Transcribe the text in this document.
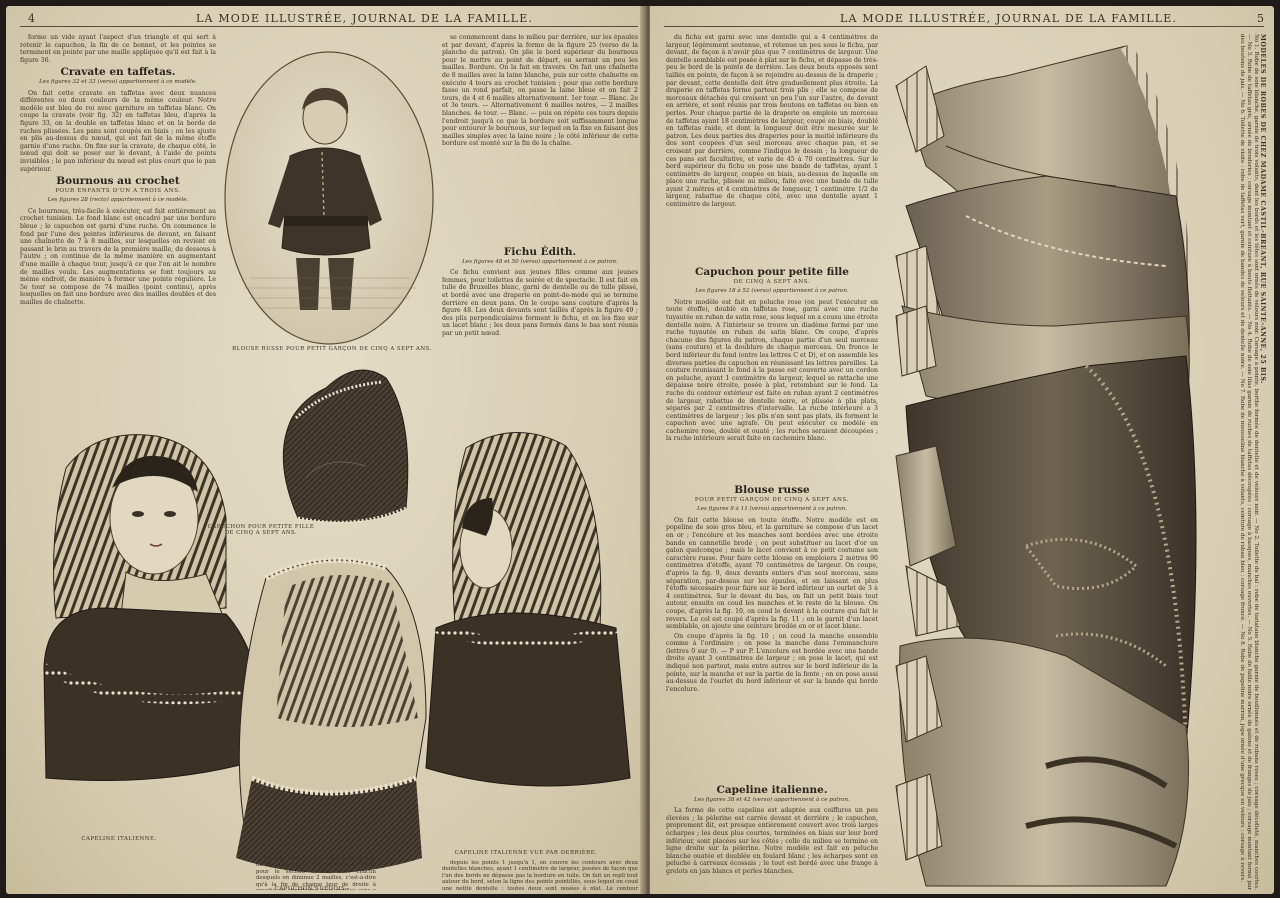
4	LA MODE ILLUSTRÉE, JOURNAL DE LA FAMILLE.

forme un vide ayant l'aspect d'un triangle et qui sert à retenir le capuchon, la fin de ce bonnet, et les pointes se terminent en pointe par une maille appliquée qu'il est fait à la figure 36.

Cravate en taffetas.
Les figures 32 et 33 (verso) appartiennent à ce modèle.

On fait cette cravate en taffetas avec deux nuances différentes ou deux couleurs de la même couleur. Notre modèle est bleu de roi avec garniture en taffetas blanc. On coupe la cravate (voir fig. 32) en taffetas bleu, d'après la figure 33, on la double en taffetas blanc et on la borde de ruches plissées. Les pans sont coupés en biais ; on les ajuste en plis au-dessus du nœud, qui est fait de la même étoffe garnie d'une ruche. On fixe sur la cravate, de chaque côté, le nœud qui doit se poser sur le devant, à l'aide de points invisibles ; le pan inférieur du nœud est plus court que le pan supérieur.

Bournous au crochet
POUR ENFANTS D'UN A TROIS ANS.
Les figures 28 (recto) appartiennent à ce modèle.

Ce bournous, très-facile à exécuter, est fait entièrement au crochet tunisien. Le fond blanc est encadré par une bordure bleue ; le capuchon est garni d'une ruche. On commence le fond par l'une des pointes inférieures de devant, en faisant une chaînette de 7 à 8 mailles, sur lesquelles on revient en passant le brin au travers de la première maille, du dessous à l'autre ; on continue de la même manière en augmentant d'une maille à chaque tour, jusqu'à ce que l'on ait le nombre de mailles voulu. Les augmentations se font toujours au même endroit, de manière à former une pointe régulière. Le 5e tour se compose de 74 mailles (point continu), après lesquelles on fait une bordure avec des mailles doubles et des mailles de chaînette.

BLOUSE RUSSE POUR PETIT GARÇON DE CINQ A SEPT ANS.

se commencent dans le milieu par derrière, sur les épaules et par devant, d'après la forme de la figure 25 (verso de la planche du patron). On plie le bord supérieur du bournous pour le mettre au point de départ, en serrant un peu les mailles. Bordure. On la fait en travers. On fait une chaînette de 8 mailles avec la laine blanche, puis sur cette chaînette on exécute 4 tours au crochet tunisien ; pour que cette bordure fasse un rond parfait, on passe la laine bleue et on fait 2 tours, de 4 et 6 mailles alternativement. 1er tour. — Blanc. 2e et 3e tours. — Alternativement 6 mailles noires, — 2 mailles blanches. 4e tour. — Blanc. — puis on répète ces tours depuis l'endroit jusqu'à ce que la bordure soit suffisamment longue pour entourer le bournous, sur lequel on la fixe en faisant des mailles simples avec la laine noire ; le côté inférieur de cette bordure est monté sur la fin de la chaîne.

Fichu Édith.
Les figures 48 et 50 (verso) appartiennent à ce patron.

Ce fichu convient aux jeunes filles comme aux jeunes femmes, pour toilettes de soirée et de spectacle. Il est fait en tulle de Bruxelles blanc, garni de dentelle ou de tulle plissé, et bordé avec une draperie en point-de-mode qui se termine derrière en deux pans. On le coupe sans couture d'après la figure 48. Les deux devants sont taillés d'après la figure 49 ; des plis perpendiculaires forment le fichu, et on les fixe sur un lacet blanc ; les deux pans formés dans le bas sont réunis par un petit nœud.

CAPUCHON POUR PETITE FILLE DE CINQ A SEPT ANS.
CAPELINE ITALIENNE.
CAPUCHON SUÉDOIS.
CAPELINE ITALIENNE VUE PAR DERRIÈRE.

premier tour. Sur ce nombre de mailles on fait 180 tours. Puis viennent 21 tours pour le second devant, dans chacun desquels on diminue 2 mailles, c'est-à-dire qu'à la fin de chaque tour de droite à

depuis les points 1 jusqu'à 1, on couvre les contours avec deux dentelles blanches, ayant 1 centimètre de largeur, posées de façon que l'un des bords ne dépasse pas la bordure en tulle. On fait un repli tout autour du bord, selon la ligne des points pointillés, sous lequel on coud une petite dentelle ; toutes deux sont posées à plat. Le contour

LA MODE ILLUSTRÉE, JOURNAL DE LA FAMILLE.	5

du fichu est garni avec une dentelle qui a 4 centimètres de largeur, légèrement soutenue, et retenue un peu sous le fichu, par devant, de façon à n'avoir plus que 7 centimètres de largeur. Une dentelle semblable est posée à plat sur le fichu, et dépasse de très-peu le bord de la pointe de derrière. Les deux bouts opposés sont taillés en pointe, de façon à se rejoindre au-dessus de la draperie ; par devant, cette dentelle doit être graduellement plus étroite. La draperie en taffetas forme partout trois plis ; elle se compose de morceaux détachés qui croisent un peu l'un sur l'autre, de devant en arrière, et sont réunis par trois boutons en taffetas ou bien en perles. Pour chaque partie de la draperie on emploie un morceau de taffetas ayant 18 centimètres de largeur, coupé en biais, doublé en taffetas raide, et dont la longueur doit être mesurée sur le patron. Les deux parties des draperies pour la moitié inférieure du dos sont coupées d'un seul morceau avec chaque pan, et se croisent par derrière, comme l'indique le dessin ; la longueur de ces pans est facultative, et varie de 45 à 70 centimètres. Sur le bord supérieur du fichu on pose une bande de taffetas, ayant 1 centimètre de largeur, coupée en biais, au-dessus de laquelle on place une ruche, plissée au milieu, faite avec une bande de tulle ayant 2 mètres et 4 centimètres de longueur, 1 centimètre 1/2 de largeur, rabattue de chaque côté, avec une dentelle ayant 1 centimètre de largeur.

Capuchon pour petite fille
DE CINQ A SEPT ANS.
Les figures 18 à 52 (verso) appartiennent à ce patron.

Notre modèle est fait en peluche rose (on peut l'exécuter en toute étoffe), doublé en taffetas rose, garni avec une ruche tuyautée en ruban de satin rose, sous lequel on a cousu une étroite dentelle noire. A l'intérieur se trouve un diadème formé par une ruche tuyautée en ruban de satin blanc. On coupe, d'après chacune des figures du patron, chaque partie d'un seul morceau (sans couture) et la doublure de chaque morceau. On fronce le bord inférieur du fond (entre les lettres C et D), et on assemble les diverses parties du capuchon en réunissant les lettres pareilles. La couture reunissant le fond à la passe est couverte avec un cordon en peluche, ayant 1 centimètre de largeur, lequel se rattache une dépaisse noire étroite, posée à plat, retombant sur le fond. La ruche du contour extérieur est faite en ruban ayant 2 centimètres de largeur, rabattue de dentelle noire, et plissée à plis plats, séparés par 2 centimètres d'intervalle. La ruche intérieure a 3 centimètres de largeur ; les plis n'en sont pas plats, ils forment le capuchon avec une agrafe. On peut exécuter ce modèle en cachemire rose, doublé et ouaté ; les ruches seraient découpées ; la ruche intérieure serait faite en cachemire blanc.

Blouse russe
POUR PETIT GARÇON DE CINQ A SEPT ANS.
Les figures 9 à 11 (verso) appartiennent à ce patron.

On fait cette blouse en toute étoffe. Notre modèle est en popeline de soie gros bleu, et la garniture se compose d'un lacet en or ; l'encolure et les manches sont bordées avec une étroite bande en cannetille brodé ; on peut substituer au lacet d'or un galon quelconque ; mais le lacet convient à ce petit costume son caractère russe. Pour faire cette blouse on emploiera 2 mètres 90 centimètres d'étoffe, ayant 70 centimètres de largeur. On coupe, d'après la fig. 9, deux devants entiers d'un seul morceau, sans séparation, par-dessus sur les épaules, et en laissant en plus l'étoffe nécessaire pour faire sur le bord inférieur un ourlet de 3 à 4 centimètres. Sur le devant du bas, on fait un petit biais tout autour, ensuite on coud les manches et le reste de la blouse. On coupe, d'après la fig. 10, on coud le devant à la couture qui fait le revers. Le col est coupé d'après la fig. 11 ; on le garnit d'un lacet semblable, on ajoute une ceinture brodée en or et lacet blanc.

On coupe d'après la fig. 10 ; on coud la manche ensemble comme à l'ordinaire ; on pose la manche dans l'emmanchure (lettres 0 sur 0). — P sur P. L'encolure est bordée avec une bande droite ayant 3 centimètres de largeur ; on pose le lacet, qui est indiqué non partout, mais entre autres sur le bord inférieur de la pointe, sur la manche et sur la partie de la fente ; on en pose aussi au-dessus de l'ourlet du bord inférieur et sur la bande qui borde l'encolure.

Capeline italienne.
Les figures 38 et 42 (verso) appartiennent à ce patron.

La forme de cette capeline est adaptée aux coiffures un peu élevées ; la pèlerine est carrée devant et derrière ; le capuchon, proprement dit, est presque entièrement couvert avec trois larges écharpes ; les deux plus courtes, terminées en biais sur leur bord inférieur, sont placées sur les côtés ; celle du milieu se termine en ligne droite sur la pèlerine. Notre modèle est fait en peluche blanche ouatée et doublée en foulard blanc ; les écharpes sont en peluche à carreaux écossais ; le tout est bordé avec une frange à grelots en jais blancs et perles blanches.

MODÈLES DE ROBES DE CHEZ MADAME CASTIL-BREANT, RUE SAINTE-ANNE, 25 BIS.
No 1. Robe de soie blanche, garnie de trois volants, dont les bords et les têtes sont ornés de velours noir. Corsage à pointe, berthe formée de dentelle et de velours noir. — No 2. Toilette de bal : robe de tarlatane blanche garnie de bouillonnés et de rubans roses ; corsage décolleté, manches courtes. — No 3. Robe de taffetas gris, ornée de broderies ; corsage montant et ceinture à bouts flottants. — No 4. Robe de soie lilas garnie de ruches de taffetas découpées ; corsage à basques, manches ouvertes. — No 5. Robe de faille noire ornée de galons et de franges de jais ; corsage montant fermé par des boutons de jais. — No 6. Toilette de visite : robe de taffetas vert, garnie de bandes de velours et de dentelle noire. — No 7. Robe de mousseline blanche à volants, ceinture de ruban bleu ; corsage froncé. — No 8. Robe de popeline marron, jupe ornée d'une grecque en velours ; corsage à revers.
